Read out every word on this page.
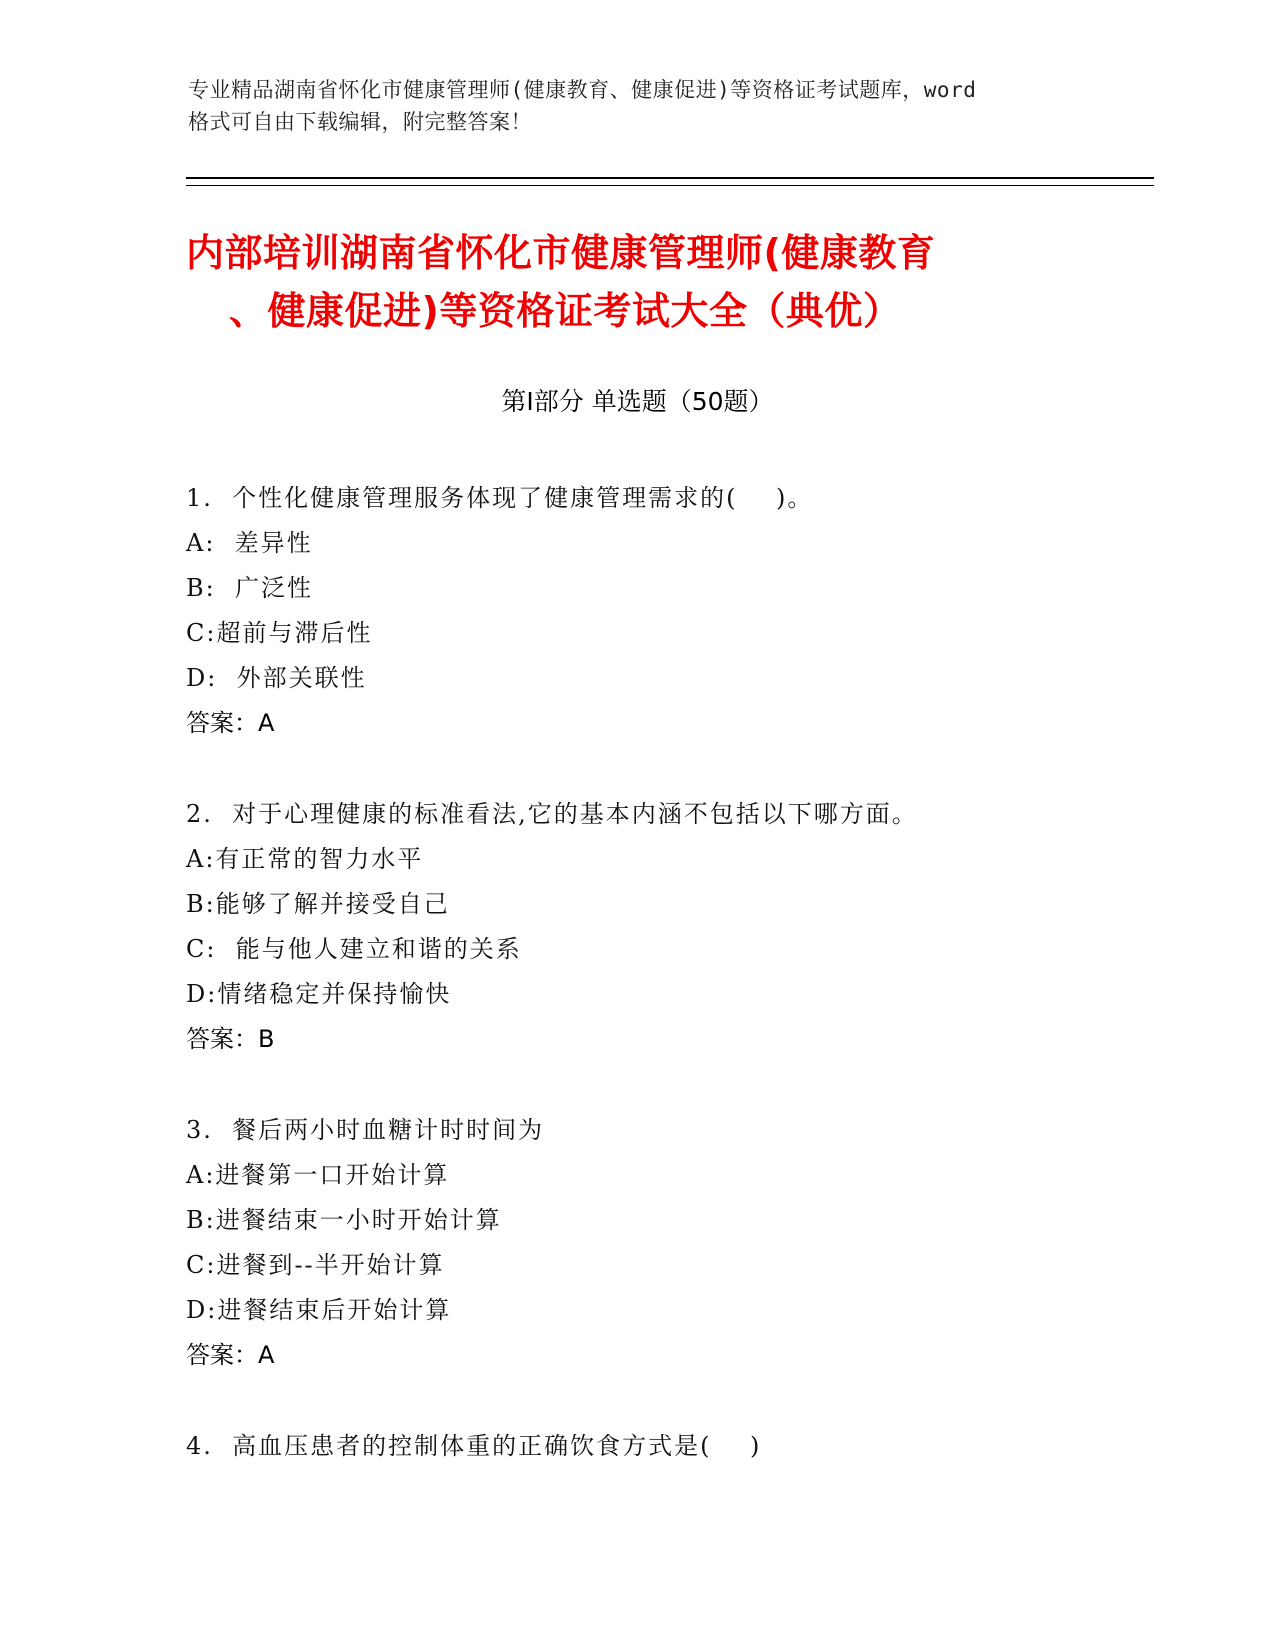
专业精品湖南省怀化市健康管理师(健康教育、健康促进)等资格证考试题库，word
格式可自由下载编辑，附完整答案！
内部培训湖南省怀化市健康管理师(健康教育
、健康促进)等资格证考试大全（典优）
第Ⅰ部分 单选题（50题）
1.  个性化健康管理服务体现了健康管理需求的(    )。
A:  差异性
B:  广泛性
C:超前与滞后性
D:  外部关联性
答案：A
2.  对于心理健康的标准看法,它的基本内涵不包括以下哪方面。
A:有正常的智力水平
B:能够了解并接受自己
C:  能与他人建立和谐的关系
D:情绪稳定并保持愉快
答案：B
3.  餐后两小时血糖计时时间为
A:进餐第一口开始计算
B:进餐结束一小时开始计算
C:进餐到--半开始计算
D:进餐结束后开始计算
答案：A
4.  高血压患者的控制体重的正确饮食方式是(    )
